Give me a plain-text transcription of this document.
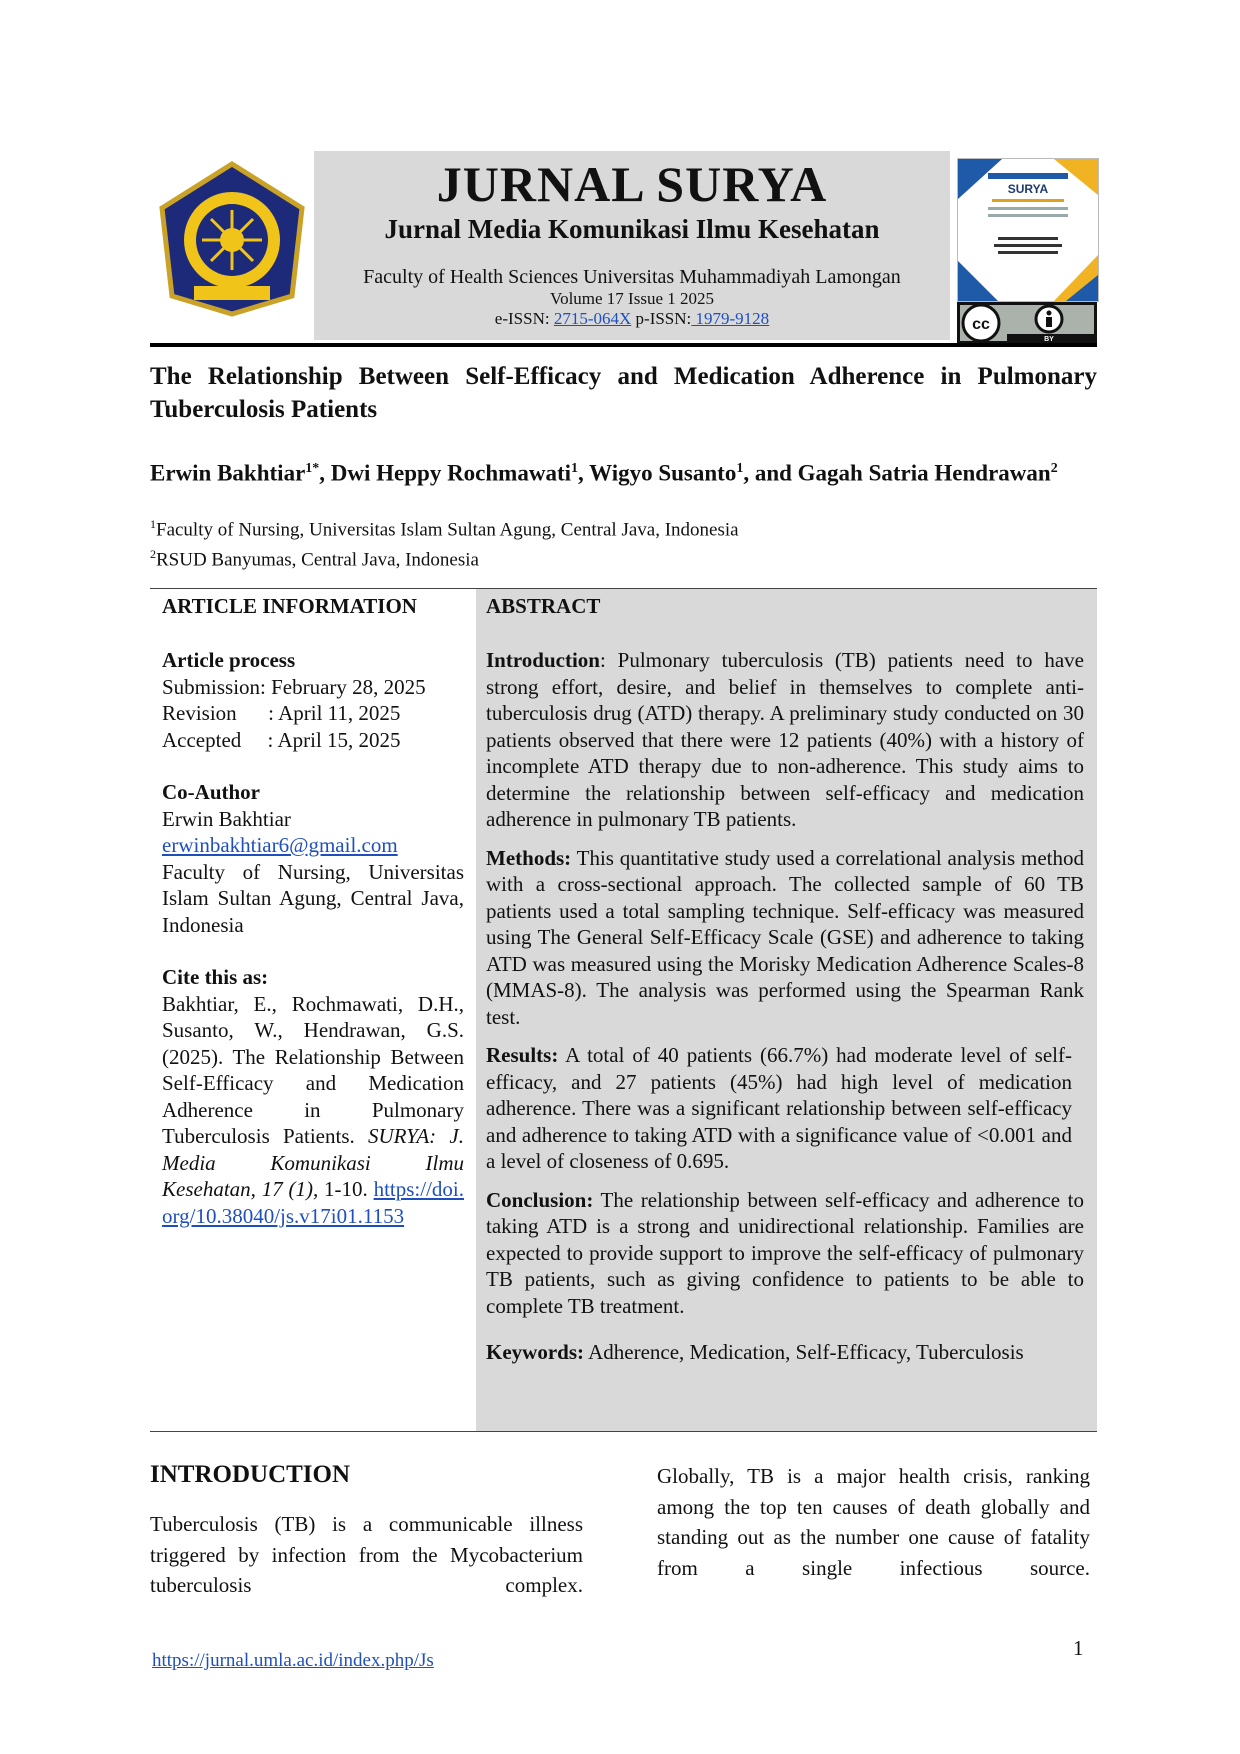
JURNAL SURYA
Jurnal Media Komunikasi Ilmu Kesehatan
Faculty of Health Sciences Universitas Muhammadiyah Lamongan
Volume 17 Issue 1 2025
e-ISSN: 2715-064X p-ISSN: 1979-9128
SURYA
cc
BY
The Relationship Between Self-Efficacy and Medication Adherence in Pulmonary Tuberculosis Patients
Erwin Bakhtiar$^{1*}$, Dwi Heppy Rochmawati$^1$, Wigyo Susanto$^1$, and Gagah Satria Hendrawan$^2$
$^1$Faculty of Nursing, Universitas Islam Sultan Agung, Central Java, Indonesia
$^2$RSUD Banyumas, Central Java, Indonesia
ARTICLE INFORMATION
Article process
Submission: February 28, 2025
Revision      : April 11, 2025
Accepted     : April 15, 2025
Co-Author
Erwin Bakhtiar
erwinbakhtiar6@gmail.com
Faculty of Nursing, Universitas Islam Sultan Agung, Central Java, Indonesia
Cite this as:
Bakhtiar, E., Rochmawati, D.H., Susanto, W., Hendrawan, G.S. (2025). The Relationship Between Self-Efficacy and Medication Adherence in Pulmonary Tuberculosis Patients. SURYA: J. Media Komunikasi Ilmu Kesehatan, 17 (1), 1-10. https://doi.org/10.38040/js.v17i01.1153
ABSTRACT

Introduction: Pulmonary tuberculosis (TB) patients need to have strong effort, desire, and belief in themselves to complete anti-tuberculosis drug (ATD) therapy. A preliminary study conducted on 30 patients observed that there were 12 patients (40%) with a history of incomplete ATD therapy due to non-adherence. This study aims to determine the relationship between self-efficacy and medication adherence in pulmonary TB patients.

Methods: This quantitative study used a correlational analysis method with a cross-sectional approach. The collected sample of 60 TB patients used a total sampling technique. Self-efficacy was measured using The General Self-Efficacy Scale (GSE) and adherence to taking ATD was measured using the Morisky Medication Adherence Scales-8 (MMAS-8). The analysis was performed using the Spearman Rank test.

Results: A total of 40 patients (66.7%) had moderate level of self-efficacy, and 27 patients (45%) had high level of medication adherence. There was a significant relationship between self-efficacy and adherence to taking ATD with a significance value of <0.001 and a level of closeness of 0.695.

Conclusion: The relationship between self-efficacy and adherence to taking ATD is a strong and unidirectional relationship. Families are expected to provide support to improve the self-efficacy of pulmonary TB patients, such as giving confidence to patients to be able to complete TB treatment.

Keywords: Adherence, Medication, Self-Efficacy, Tuberculosis

INTRODUCTION
Tuberculosis (TB) is a communicable illness triggered by infection from the Mycobacterium tuberculosis complex.
Globally, TB is a major health crisis, ranking among the top ten causes of death globally and standing out as the number one cause of fatality from a single infectious source.
https://jurnal.umla.ac.id/index.php/Js
1
